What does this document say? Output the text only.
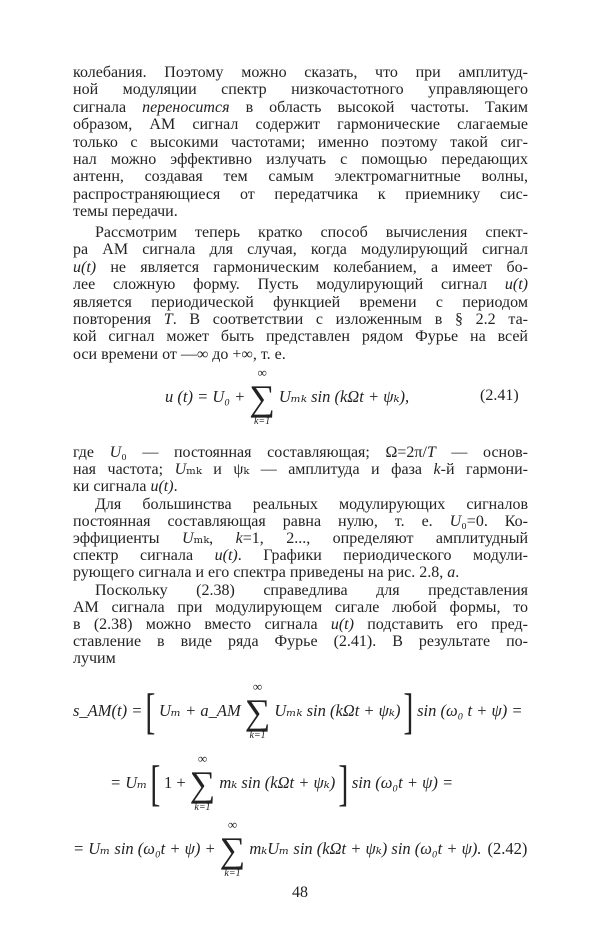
колебания. Поэтому можно сказать, что при амплитуд-
ной модуляции спектр низкочастотного управляющего
сигнала переносится в область высокой частоты. Таким
образом, АМ сигнал содержит гармонические слагаемые
только с высокими частотами; именно поэтому такой сиг-
нал можно эффективно излучать с помощью передающих
антенн, создавая тем самым электромагнитные волны,
распространяющиеся от передатчика к приемнику сис-
темы передачи.
Рассмотрим теперь кратко способ вычисления спект-
ра АМ сигнала для случая, когда модулирующий сигнал
u(t) не является гармоническим колебанием, а имеет бо-
лее сложную форму. Пусть модулирующий сигнал u(t)
является периодической функцией времени с периодом
повторения T. В соответствии с изложенным в § 2.2 та-
кой сигнал может быть представлен рядом Фурье на всей
оси времени от —∞ до +∞, т. е.
u (t) = U₀ +
∞
∑
k=1
Uₘₖ sin (kΩt + ψₖ),	(2.41)
где U₀ — постоянная составляющая; Ω=2π/T — основ-
ная частота; Uₘₖ и ψₖ — амплитуда и фаза k-й гармони-
ки сигнала u(t).
Для большинства реальных модулирующих сигналов
постоянная составляющая равна нулю, т. е. U₀=0. Ко-
эффициенты Uₘₖ, k=1, 2..., определяют амплитудный
спектр сигнала u(t). Графики периодического модули-
рующего сигнала и его спектра приведены на рис. 2.8, а.
Поскольку (2.38) справедлива для представления
АМ сигнала при модулирующем сигале любой формы, то
в (2.38) можно вместо сигнала u(t) подставить его пред-
ставление в виде ряда Фурье (2.41). В результате по-
лучим
s_AM(t) = [ Uₘ + a_AM
∞
∑
k=1
Uₘₖ sin (kΩt + ψₖ) ] sin (ω₀ t + ψ) =
= Uₘ [ 1 +
∞
∑
k=1
mₖ sin (kΩt + ψₖ) ] sin (ω₀t + ψ) =
= Uₘ sin (ω₀t + ψ) +
∞
∑
k=1
mₖUₘ sin (kΩt + ψₖ) sin (ω₀t + ψ). (2.42)
48
